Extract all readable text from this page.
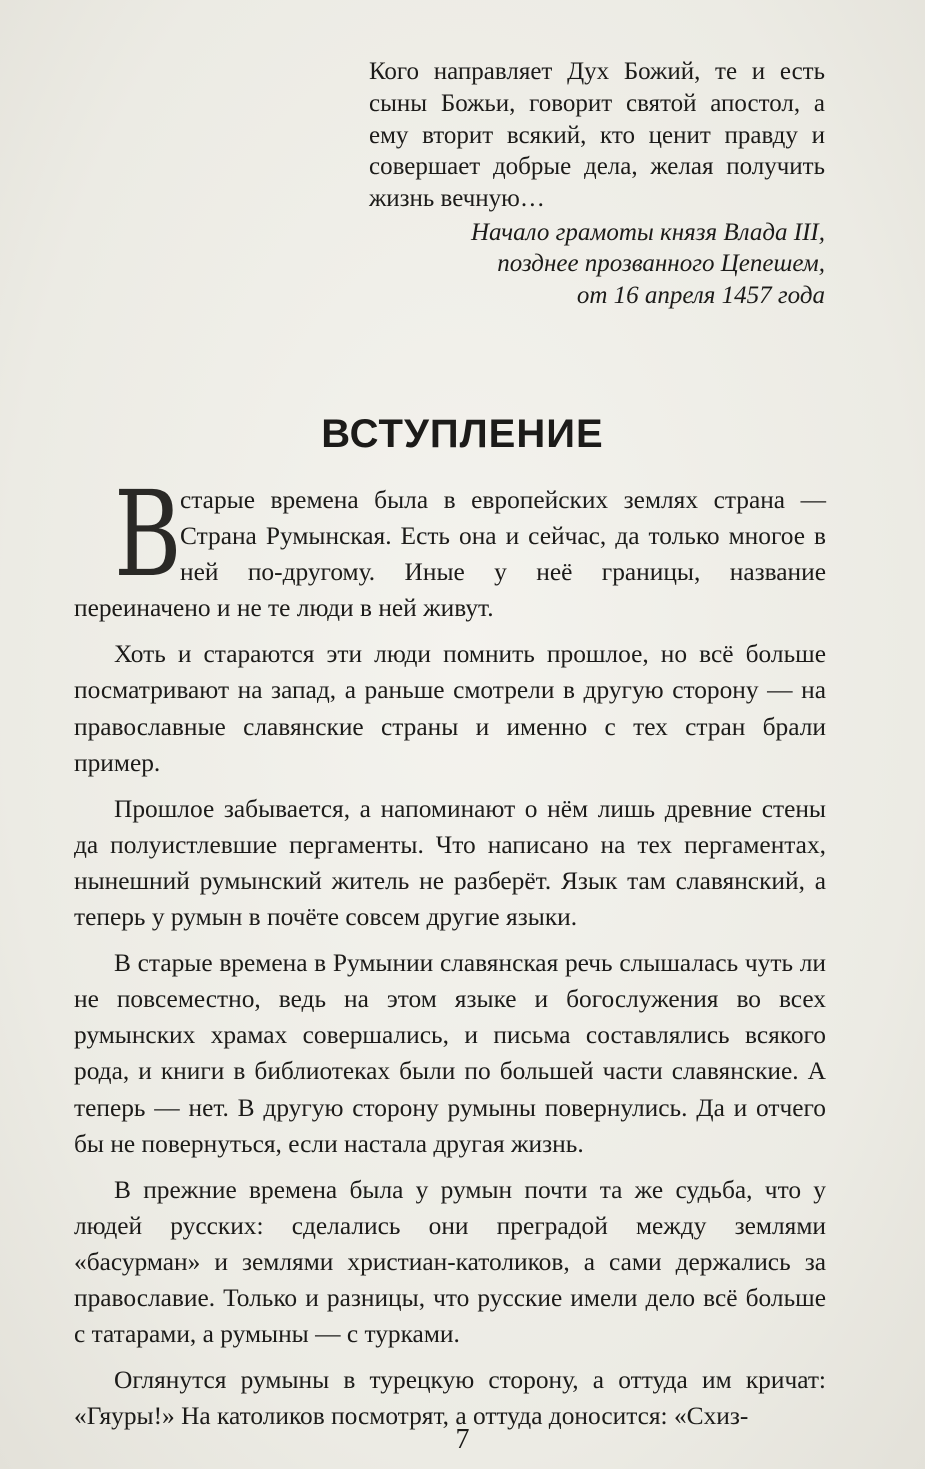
Кого направляет Дух Божий, те и есть сыны Божьи, говорит святой апостол, а ему вторит всякий, кто ценит правду и совершает добрые дела, желая получить жизнь вечную…

Начало грамоты князя Влада III,
позднее прозванного Цепешем,
от 16 апреля 1457 года

ВСТУПЛЕНИЕ

В
старые времена была в европейских землях страна — Страна Румынская. Есть она и сейчас, да только многое в ней по-другому. Иные у неё границы, название переиначено и не те люди в ней живут.

Хоть и стараются эти люди помнить прошлое, но всё больше посматривают на запад, а раньше смотрели в другую сторону — на православные славянские страны и именно с тех стран брали пример.

Прошлое забывается, а напоминают о нём лишь древние стены да полуистлевшие пергаменты. Что написано на тех пергаментах, нынешний румынский житель не разберёт. Язык там славянский, а теперь у румын в почёте совсем другие языки.

В старые времена в Румынии славянская речь слышалась чуть ли не повсеместно, ведь на этом языке и богослужения во всех румынских храмах совершались, и письма составлялись всякого рода, и книги в библиотеках были по большей части славянские. А теперь — нет. В другую сторону румыны повернулись. Да и отчего бы не повернуться, если настала другая жизнь.

В прежние времена была у румын почти та же судьба, что у людей русских: сделались они преградой между землями «басурман» и землями христиан-католиков, а сами держались за православие. Только и разницы, что русские имели дело всё больше с татарами, а румыны — с турками.

Оглянутся румыны в турецкую сторону, а оттуда им кричат: «Гяуры!» На католиков посмотрят, а оттуда доносится: «Схиз-

7
